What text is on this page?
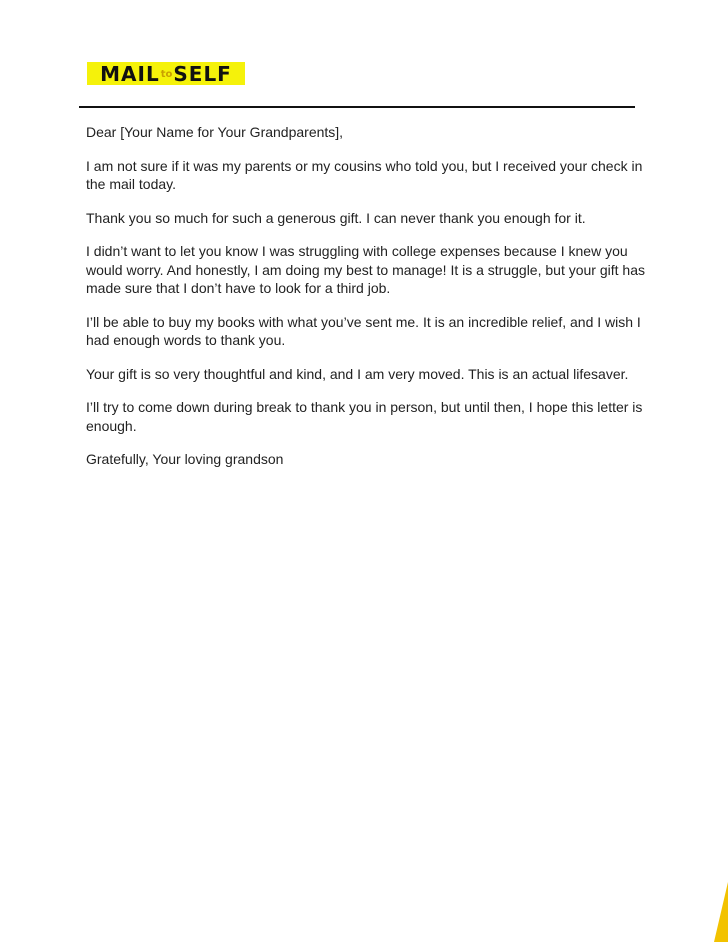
MAILtoSELF

Dear [Your Name for Your Grandparents],

I am not sure if it was my parents or my cousins who told you, but I received your check in the mail today.

Thank you so much for such a generous gift. I can never thank you enough for it.

I didn’t want to let you know I was struggling with college expenses because I knew you would worry. And honestly, I am doing my best to manage! It is a struggle, but your gift has made sure that I don’t have to look for a third job.

I’ll be able to buy my books with what you’ve sent me. It is an incredible relief, and I wish I had enough words to thank you.

Your gift is so very thoughtful and kind, and I am very moved. This is an actual lifesaver.

I’ll try to come down during break to thank you in person, but until then, I hope this letter is enough.

Gratefully, Your loving grandson
